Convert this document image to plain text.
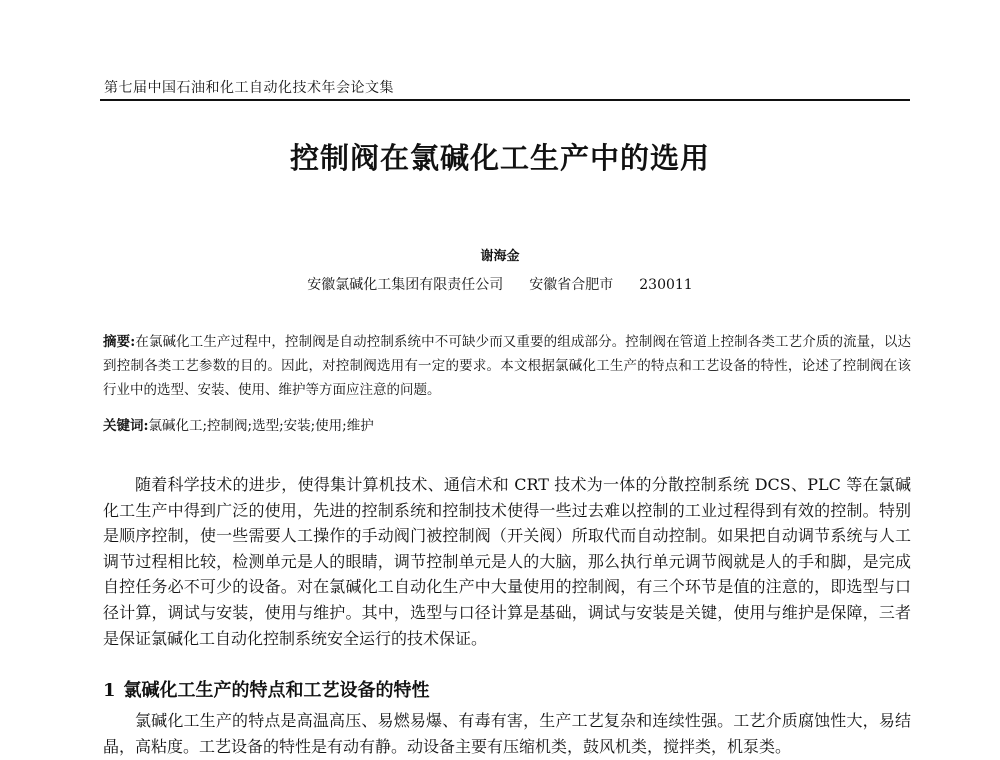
第七届中国石油和化工自动化技术年会论文集
控制阀在氯碱化工生产中的选用
谢海金
安徽氯碱化工集团有限责任公司 安徽省合肥市 230011
摘要:在氯碱化工生产过程中，控制阀是自动控制系统中不可缺少而又重要的组成部分。控制阀在管道上控制各类工艺介质的流量，以达到控制各类工艺参数的目的。因此，对控制阀选用有一定的要求。本文根据氯碱化工生产的特点和工艺设备的特性，论述了控制阀在该行业中的选型、安装、使用、维护等方面应注意的问题。
关键词:氯碱化工;控制阀;选型;安装;使用;维护
随着科学技术的进步，使得集计算机技术、通信术和 CRT 技术为一体的分散控制系统 DCS、PLC 等在氯碱化工生产中得到广泛的使用，先进的控制系统和控制技术使得一些过去难以控制的工业过程得到有效的控制。特别是顺序控制，使一些需要人工操作的手动阀门被控制阀（开关阀）所取代而自动控制。如果把自动调节系统与人工调节过程相比较，检测单元是人的眼睛，调节控制单元是人的大脑，那么执行单元调节阀就是人的手和脚，是完成自控任务必不可少的设备。对在氯碱化工自动化生产中大量使用的控制阀，有三个环节是值的注意的，即选型与口径计算，调试与安装，使用与维护。其中，选型与口径计算是基础，调试与安装是关键，使用与维护是保障，三者是保证氯碱化工自动化控制系统安全运行的技术保证。
1 氯碱化工生产的特点和工艺设备的特性
氯碱化工生产的特点是高温高压、易燃易爆、有毒有害，生产工艺复杂和连续性强。工艺介质腐蚀性大，易结晶，高粘度。工艺设备的特性是有动有静。动设备主要有压缩机类，鼓风机类，搅拌类，机泵类。
